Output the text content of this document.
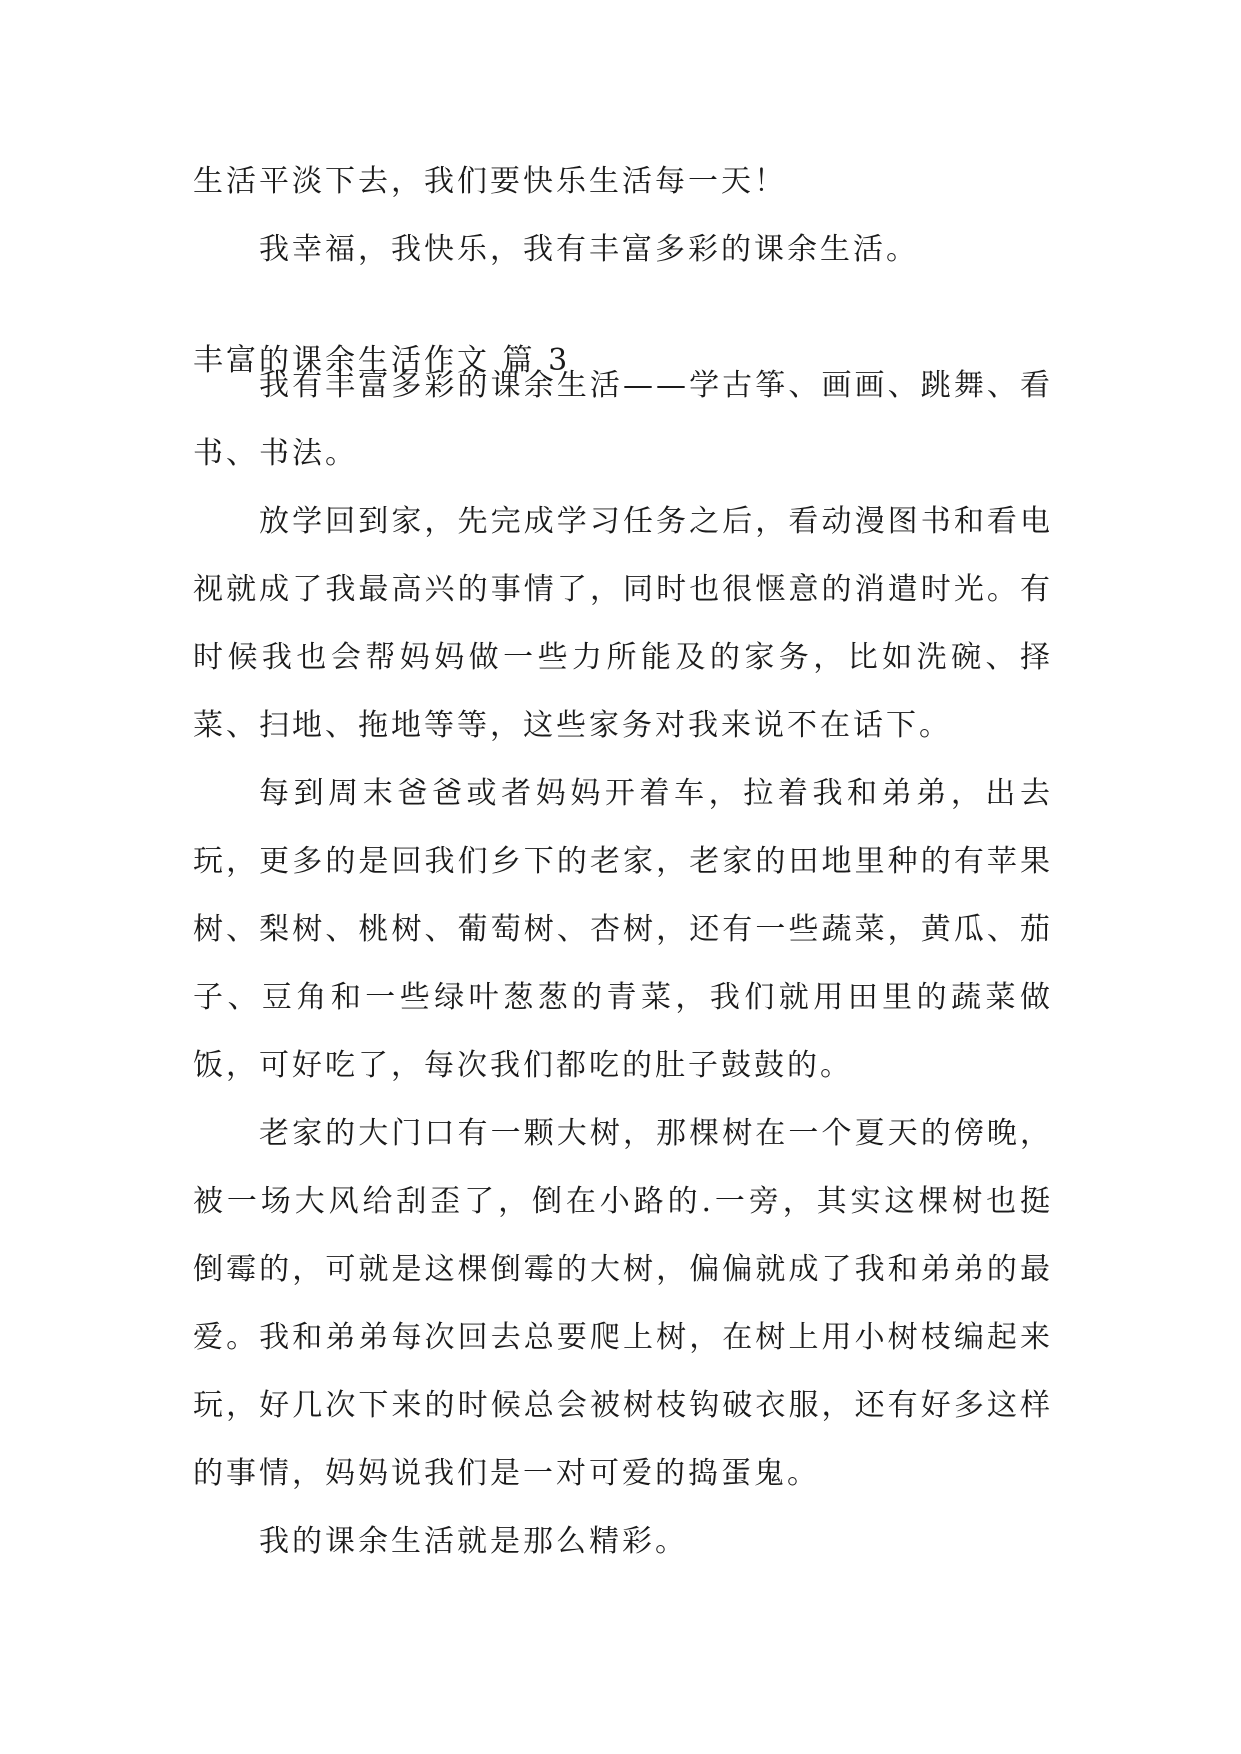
生活平淡下去，我们要快乐生活每一天！

我幸福，我快乐，我有丰富多彩的课余生活。

丰富的课余生活作文 篇 3

我有丰富多彩的课余生活——学古筝、画画、跳舞、看书、书法。

放学回到家，先完成学习任务之后，看动漫图书和看电视就成了我最高兴的事情了，同时也很惬意的消遣时光。有时候我也会帮妈妈做一些力所能及的家务，比如洗碗、择菜、扫地、拖地等等，这些家务对我来说不在话下。

每到周末爸爸或者妈妈开着车，拉着我和弟弟，出去玩，更多的是回我们乡下的老家，老家的田地里种的有苹果树、梨树、桃树、葡萄树、杏树，还有一些蔬菜，黄瓜、茄子、豆角和一些绿叶葱葱的青菜，我们就用田里的蔬菜做饭，可好吃了，每次我们都吃的肚子鼓鼓的。

老家的大门口有一颗大树，那棵树在一个夏天的傍晚，被一场大风给刮歪了，倒在小路的.一旁，其实这棵树也挺倒霉的，可就是这棵倒霉的大树，偏偏就成了我和弟弟的最爱。我和弟弟每次回去总要爬上树，在树上用小树枝编起来玩，好几次下来的时候总会被树枝钩破衣服，还有好多这样的事情，妈妈说我们是一对可爱的捣蛋鬼。

我的课余生活就是那么精彩。
